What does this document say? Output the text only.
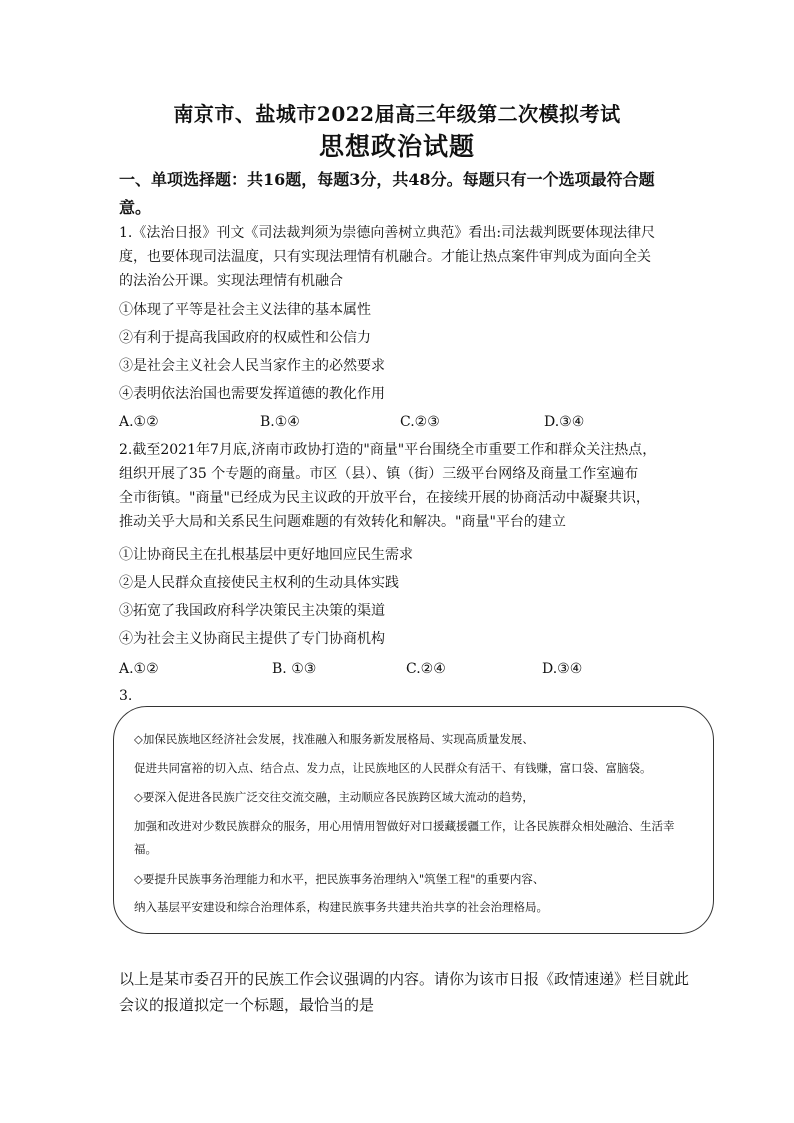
南京市、盐城市2022届高三年级第二次模拟考试
思想政治试题
一、单项选择题：共16题，每题3分，共48分。每题只有一个选项最符合题
意。
1.《法治日报》刊文《司法裁判须为崇德向善树立典范》看出:司法裁判既要体现法律尺
度，也要体现司法温度，只有实现法理情有机融合。才能让热点案件审判成为面向全关
的法治公开课。实现法理情有机融合
①体现了平等是社会主义法律的基本属性
②有利于提高我国政府的权威性和公信力
③是社会主义社会人民当家作主的必然要求
④表明依法治国也需要发挥道德的教化作用
A.①②	B.①④	C.②③	D.③④
2.截至2021年7月底,济南市政协打造的"商量"平台围绕全市重要工作和群众关注热点，
组织开展了35 个专题的商量。市区（县）、镇（街）三级平台网络及商量工作室遍布
全市街镇。"商量"已经成为民主议政的开放平台，在接续开展的协商活动中凝聚共识，
推动关乎大局和关系民生问题难题的有效转化和解决。"商量"平台的建立
①让协商民主在扎根基层中更好地回应民生需求
②是人民群众直接使民主权利的生动具体实践
③拓宽了我国政府科学决策民主决策的渠道
④为社会主义协商民主提供了专门协商机构
A.①②	B. ①③	C.②④	D.③④
3.

◇加保民族地区经济社会发展，找准融入和服务新发展格局、实现高质量发展、

促进共同富裕的切入点、结合点、发力点，让民族地区的人民群众有活干、有钱赚，富口袋、富脑袋。

◇要深入促进各民族广泛交往交流交融，主动顺应各民族跨区域大流动的趋势，

加强和改进对少数民族群众的服务，用心用情用智做好对口援藏援疆工作，让各民族群众相处融洽、生活幸

福。

◇要提升民族事务治理能力和水平，把民族事务治理纳入"筑堡工程"的重要内容、

纳入基层平安建设和综合治理体系，构建民族事务共建共治共享的社会治理格局。

以上是某市委召开的民族工作会议强调的内容。请你为该市日报《政情速递》栏目就此
会议的报道拟定一个标题，最恰当的是
